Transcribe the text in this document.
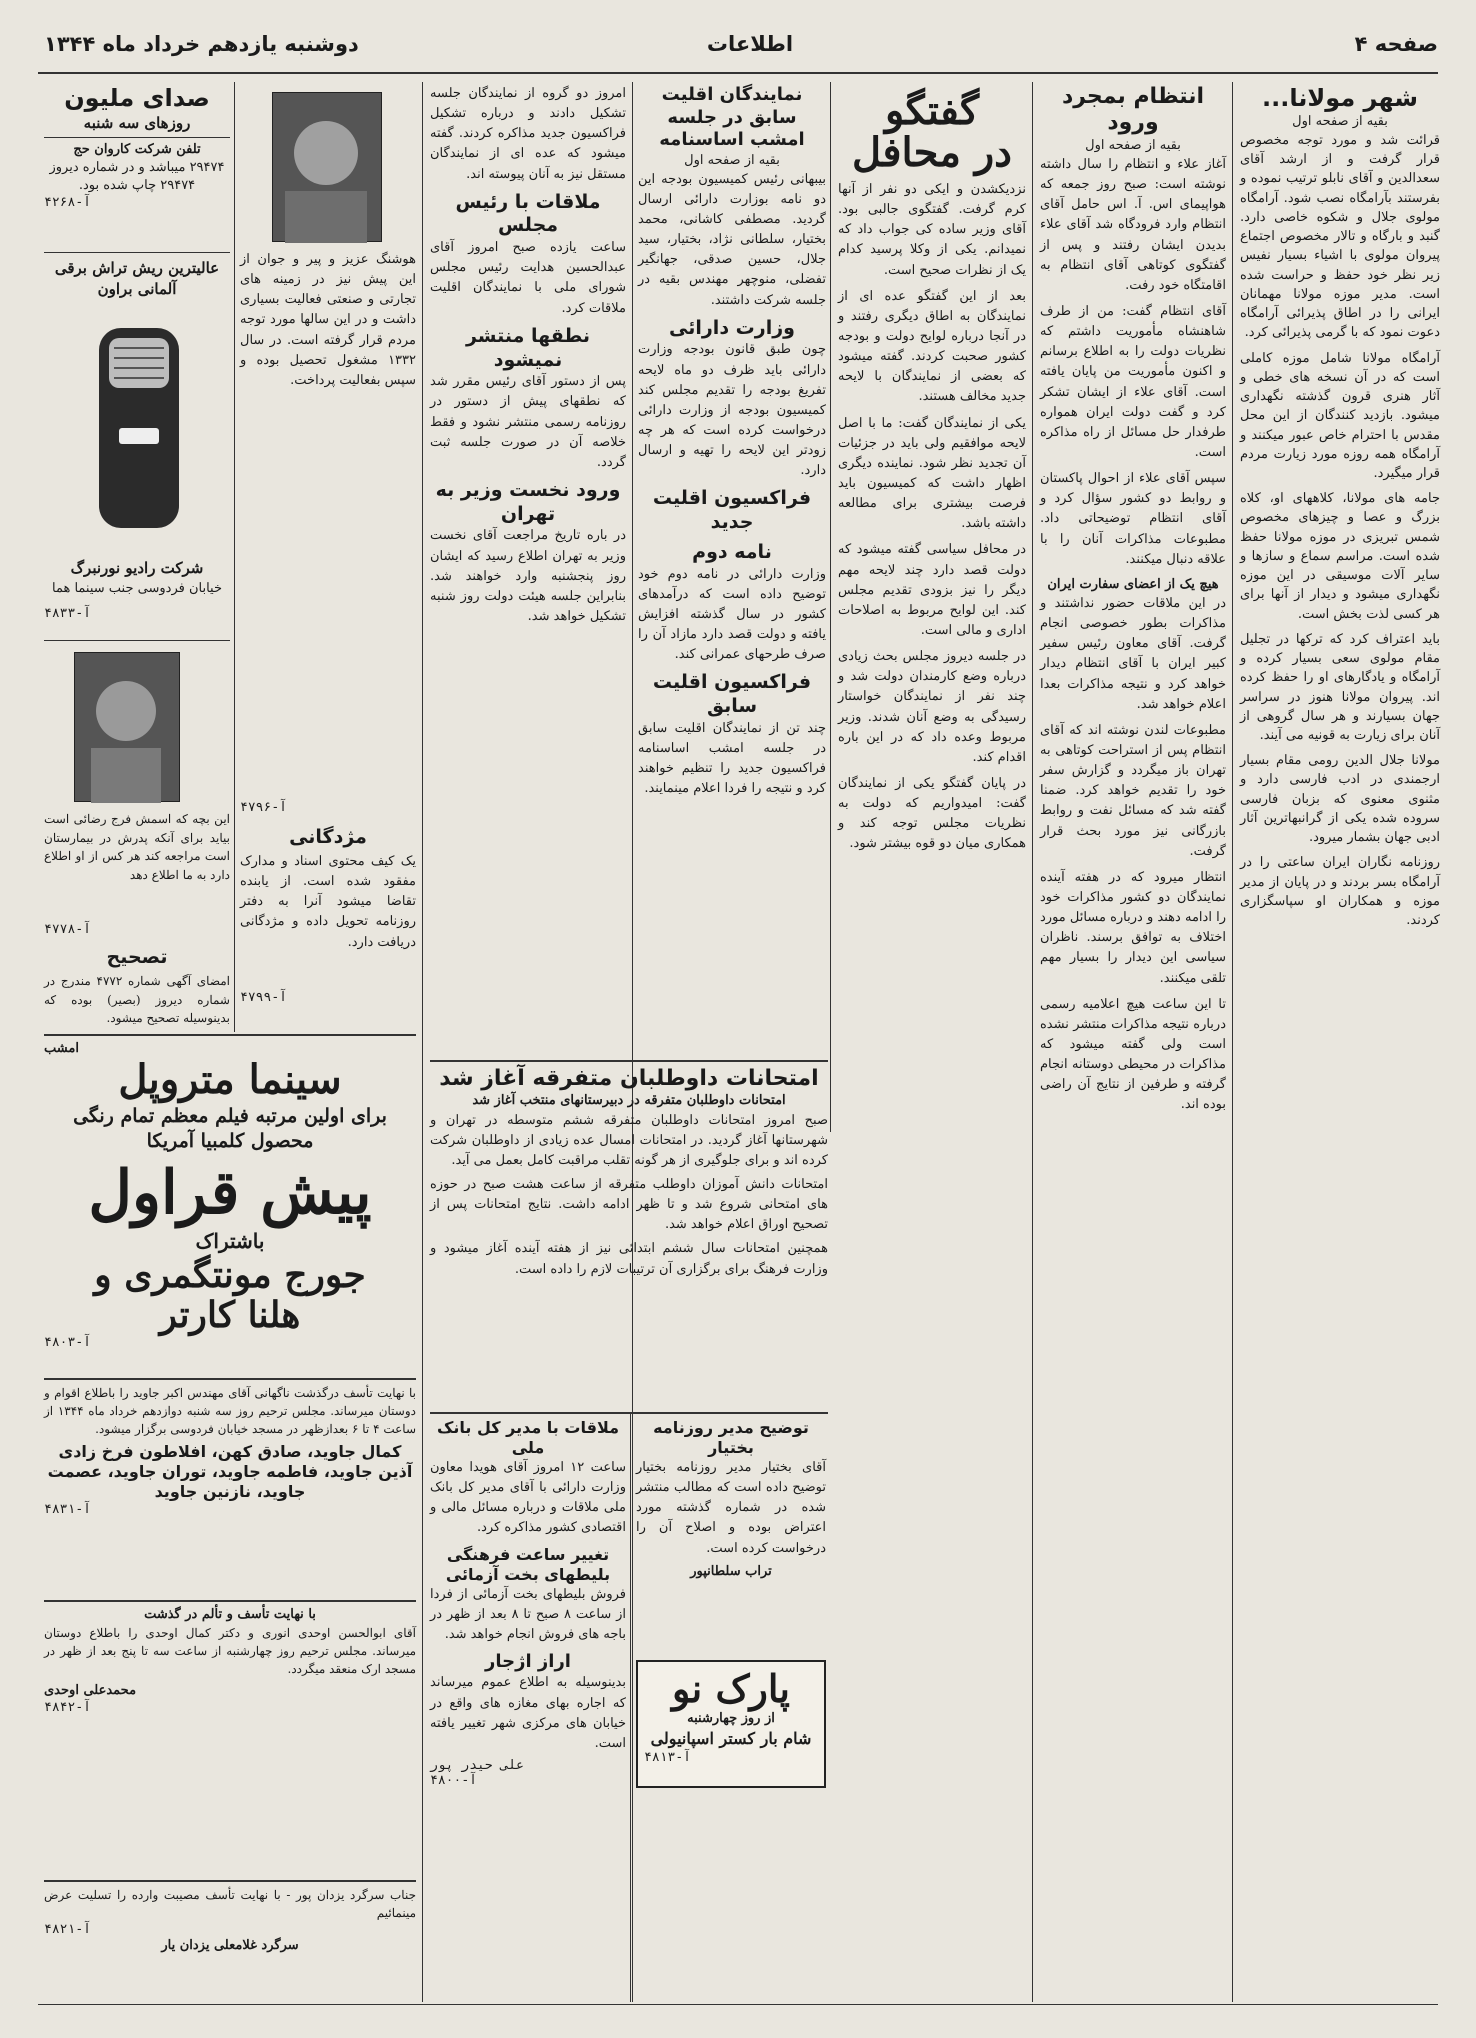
صفحه ۴
اطلاعات
دوشنبه یازدهم خرداد ماه ۱۳۴۴
شهر مولانا...
بقیه از صفحه اول
قرائت شد و مورد توجه مخصوص قرار گرفت و از ارشد آقای سعدالدین و آقای نابلو ترتیب نموده و بفرستند بآرامگاه نصب شود. آرامگاه مولوی جلال و شکوه خاصی دارد. گنبد و بارگاه و تالار مخصوص اجتماع پیروان مولوی با اشیاء بسیار نفیس زیر نظر خود حفظ و حراست شده است. مدیر موزه مولانا مهمانان ایرانی را در اطاق پذیرائی آرامگاه دعوت نمود که با گرمی پذیرائی کرد.
آرامگاه مولانا شامل موزه کاملی است که در آن نسخه های خطی و آثار هنری قرون گذشته نگهداری میشود. بازدید کنندگان از این محل مقدس با احترام خاص عبور میکنند و آرامگاه همه روزه مورد زیارت مردم قرار میگیرد.
جامه های مولانا، کلاههای او، کلاه بزرگ و عصا و چیزهای مخصوص شمس تبریزی در موزه مولانا حفظ شده است. مراسم سماع و سازها و سایر آلات موسیقی در این موزه نگهداری میشود و دیدار از آنها برای هر کسی لذت بخش است.
باید اعتراف کرد که ترکها در تجلیل مقام مولوی سعی بسیار کرده و آرامگاه و یادگارهای او را حفظ کرده اند. پیروان مولانا هنوز در سراسر جهان بسیارند و هر سال گروهی از آنان برای زیارت به قونیه می آیند.
مولانا جلال الدین رومی مقام بسیار ارجمندی در ادب فارسی دارد و مثنوی معنوی که بزبان فارسی سروده شده یکی از گرانبهاترین آثار ادبی جهان بشمار میرود.
روزنامه نگاران ایران ساعتی را در آرامگاه بسر بردند و در پایان از مدیر موزه و همکاران او سپاسگزاری کردند.
انتظام بمجرد ورود
بقیه از صفحه اول
آغاز علاء و انتظام را سال داشته نوشته است: صبح روز جمعه که هواپیمای اس. آ. اس حامل آقای انتظام وارد فرودگاه شد آقای علاء بدیدن ایشان رفتند و پس از گفتگوی کوتاهی آقای انتظام به اقامتگاه خود رفت.
آقای انتظام گفت: من از طرف شاهنشاه مأموریت داشتم که نظریات دولت را به اطلاع برسانم و اکنون مأموریت من پایان یافته است. آقای علاء از ایشان تشکر کرد و گفت دولت ایران همواره طرفدار حل مسائل از راه مذاکره است.
سپس آقای علاء از احوال پاکستان و روابط دو کشور سؤال کرد و آقای انتظام توضیحاتی داد. مطبوعات مذاکرات آنان را با علاقه دنبال میکنند.
هیچ یک از اعضای سفارت ایران
در این ملاقات حضور نداشتند و مذاکرات بطور خصوصی انجام گرفت. آقای معاون رئیس سفیر کبیر ایران با آقای انتظام دیدار خواهد کرد و نتیجه مذاکرات بعدا اعلام خواهد شد.
مطبوعات لندن نوشته اند که آقای انتظام پس از استراحت کوتاهی به تهران باز میگردد و گزارش سفر خود را تقدیم خواهد کرد. ضمنا گفته شد که مسائل نفت و روابط بازرگانی نیز مورد بحث قرار گرفت.
انتظار میرود که در هفته آینده نمایندگان دو کشور مذاکرات خود را ادامه دهند و درباره مسائل مورد اختلاف به توافق برسند. ناظران سیاسی این دیدار را بسیار مهم تلقی میکنند.
تا این ساعت هیچ اعلامیه رسمی درباره نتیجه مذاکرات منتشر نشده است ولی گفته میشود که مذاکرات در محیطی دوستانه انجام گرفته و طرفین از نتایج آن راضی بوده اند.
گفتگو
در محافل
نزدیکشدن و ایکی دو نفر از آنها کرم گرفت. گفتگوی جالبی بود. آقای وزیر ساده کی جواب داد که نمیدانم. یکی از وکلا پرسید کدام یک از نظرات صحیح است.
بعد از این گفتگو عده ای از نمایندگان به اطاق دیگری رفتند و در آنجا درباره لوایح دولت و بودجه کشور صحبت کردند. گفته میشود که بعضی از نمایندگان با لایحه جدید مخالف هستند.
یکی از نمایندگان گفت: ما با اصل لایحه موافقیم ولی باید در جزئیات آن تجدید نظر شود. نماینده دیگری اظهار داشت که کمیسیون باید فرصت بیشتری برای مطالعه داشته باشد.
در محافل سیاسی گفته میشود که دولت قصد دارد چند لایحه مهم دیگر را نیز بزودی تقدیم مجلس کند. این لوایح مربوط به اصلاحات اداری و مالی است.
در جلسه دیروز مجلس بحث زیادی درباره وضع کارمندان دولت شد و چند نفر از نمایندگان خواستار رسیدگی به وضع آنان شدند. وزیر مربوط وعده داد که در این باره اقدام کند.
در پایان گفتگو یکی از نمایندگان گفت: امیدواریم که دولت به نظریات مجلس توجه کند و همکاری میان دو قوه بیشتر شود.
امروز دو گروه از نمایندگان جلسه تشکیل دادند و درباره تشکیل فراکسیون جدید مذاکره کردند. گفته میشود که عده ای از نمایندگان مستقل نیز به آنان پیوسته اند.
ملاقات با رئیس مجلس
ساعت یازده صبح امروز آقای عبدالحسین هدایت رئیس مجلس شورای ملی با نمایندگان اقلیت ملاقات کرد.
نطقها منتشر نمیشود
پس از دستور آقای رئیس مقرر شد که نطقهای پیش از دستور در روزنامه رسمی منتشر نشود و فقط خلاصه آن در صورت جلسه ثبت گردد.
ورود نخست وزیر به تهران
در باره تاریخ مراجعت آقای نخست وزیر به تهران اطلاع رسید که ایشان روز پنجشنبه وارد خواهند شد. بنابراین جلسه هیئت دولت روز شنبه تشکیل خواهد شد.
نمایندگان اقلیت سابق در جلسه امشب اساسنامه
بقیه از صفحه اول
بیبهانی رئیس کمیسیون بودجه این دو نامه بوزارت دارائی ارسال گردید. مصطفی کاشانی، محمد بختیار، سلطانی نژاد، بختیار، سید جلال، حسین صدقی، جهانگیر تفضلی، منوچهر مهندس بقیه در جلسه شرکت داشتند.
وزارت دارائی
چون طبق قانون بودجه وزارت دارائی باید ظرف دو ماه لایحه تفریغ بودجه را تقدیم مجلس کند کمیسیون بودجه از وزارت دارائی درخواست کرده است که هر چه زودتر این لایحه را تهیه و ارسال دارد.
فراکسیون اقلیت جدید
نامه دوم
وزارت دارائی در نامه دوم خود توضیح داده است که درآمدهای کشور در سال گذشته افزایش یافته و دولت قصد دارد مازاد آن را صرف طرحهای عمرانی کند.
فراکسیون اقلیت سابق
چند تن از نمایندگان اقلیت سابق در جلسه امشب اساسنامه فراکسیون جدید را تنظیم خواهند کرد و نتیجه را فردا اعلام مینمایند.
امتحانات داوطلبان متفرقه آغاز شد
امتحانات داوطلبان متفرقه در دبیرستانهای منتخب آغاز شد
صبح امروز امتحانات داوطلبان متفرقه ششم متوسطه در تهران و شهرستانها آغاز گردید. در امتحانات امسال عده زیادی از داوطلبان شرکت کرده اند و برای جلوگیری از هر گونه تقلب مراقبت کامل بعمل می آید.
امتحانات دانش آموزان داوطلب متفرقه از ساعت هشت صبح در حوزه های امتحانی شروع شد و تا ظهر ادامه داشت. نتایج امتحانات پس از تصحیح اوراق اعلام خواهد شد.
همچنین امتحانات سال ششم ابتدائی نیز از هفته آینده آغاز میشود و وزارت فرهنگ برای برگزاری آن ترتیبات لازم را داده است.
توضیح مدیر روزنامه بختیار
آقای بختیار مدیر روزنامه بختیار توضیح داده است که مطالب منتشر شده در شماره گذشته مورد اعتراض بوده و اصلاح آن را درخواست کرده است.
تراب سلطانپور
پارک نو
از روز چهارشنبه
شام بار کستر اسپانیولی
آ-۴۸۱۳
ملاقات با مدیر کل بانک ملی
ساعت ۱۲ امروز آقای هویدا معاون وزارت دارائی با آقای مدیر کل بانک ملی ملاقات و درباره مسائل مالی و اقتصادی کشور مذاکره کرد.
تغییر ساعت فرهنگی بلیطهای بخت آزمائی
فروش بلیطهای بخت آزمائی از فردا از ساعت ۸ صبح تا ۸ بعد از ظهر در باجه های فروش انجام خواهد شد.
اراز اژجار
بدینوسیله به اطلاع عموم میرساند که اجاره بهای مغازه های واقع در خیابان های مرکزی شهر تغییر یافته است.
علی حیدر پور
آ-۴۸۰۰
صدای ملیون
روزهای سه شنبه
تلفن شرکت کاروان حج
۲۹۴۷۴ میباشد و در شماره دیروز
۲۹۴۷۴ چاپ شده بود.
آ-۴۲۶۸
عالیترین ریش تراش برقی آلمانی براون
شرکت رادیو نورنبرگ
خیابان فردوسی جنب سینما هما
آ-۴۸۳۳
این بچه که اسمش فرج رضائی است بیاید برای آنکه پدرش در بیمارستان است مراجعه کند هر کس از او اطلاع دارد به ما اطلاع دهد
آ-۴۷۷۸
تصحیح
امضای آگهی شماره ۴۷۷۲ مندرج در شماره دیروز (بصیر) بوده که بدینوسیله تصحیح میشود.
هوشنگ عزیز و پیر و جوان از این پیش نیز در زمینه های تجارتی و صنعتی فعالیت بسیاری داشت و در این سالها مورد توجه مردم قرار گرفته است. در سال ۱۳۳۲ مشغول تحصیل بوده و سپس بفعالیت پرداخت.
آ-۴۷۹۶
مژدگانی
یک کیف محتوی اسناد و مدارک مفقود شده است. از یابنده تقاضا میشود آنرا به دفتر روزنامه تحویل داده و مژدگانی دریافت دارد.
آ-۴۷۹۹
امشب
سینما متروپل
برای اولین مرتبه فیلم معظم تمام رنگی
محصول کلمبیا آمریکا
پیش قراول
باشتراک
جورج مونتگمری و
هلنا کارتر
آ-۴۸۰۳
با نهایت تأسف درگذشت ناگهانی آقای مهندس اکبر جاوید را باطلاع اقوام و دوستان میرساند. مجلس ترحیم روز سه شنبه دوازدهم خرداد ماه ۱۳۴۴ از ساعت ۴ تا ۶ بعدازظهر در مسجد خیابان فردوسی برگزار میشود.
کمال جاوید، صادق کهن، افلاطون فرخ زادی
آذین جاوید، فاطمه جاوید، توران جاوید، عصمت
جاوید، نازنین جاوید
آ-۴۸۳۱
با نهایت تأسف و تألم در گذشت
آقای ابوالحسن اوحدی انوری و دکتر کمال اوحدی را باطلاع دوستان میرساند. مجلس ترحیم روز چهارشنبه از ساعت سه تا پنج بعد از ظهر در مسجد ارک منعقد میگردد.
محمدعلی اوحدی
آ-۴۸۴۲
جناب سرگرد یزدان پور - با نهایت تأسف مصیبت وارده را تسلیت عرض مینمائیم
آ-۴۸۲۱
سرگرد غلامعلی یزدان یار
